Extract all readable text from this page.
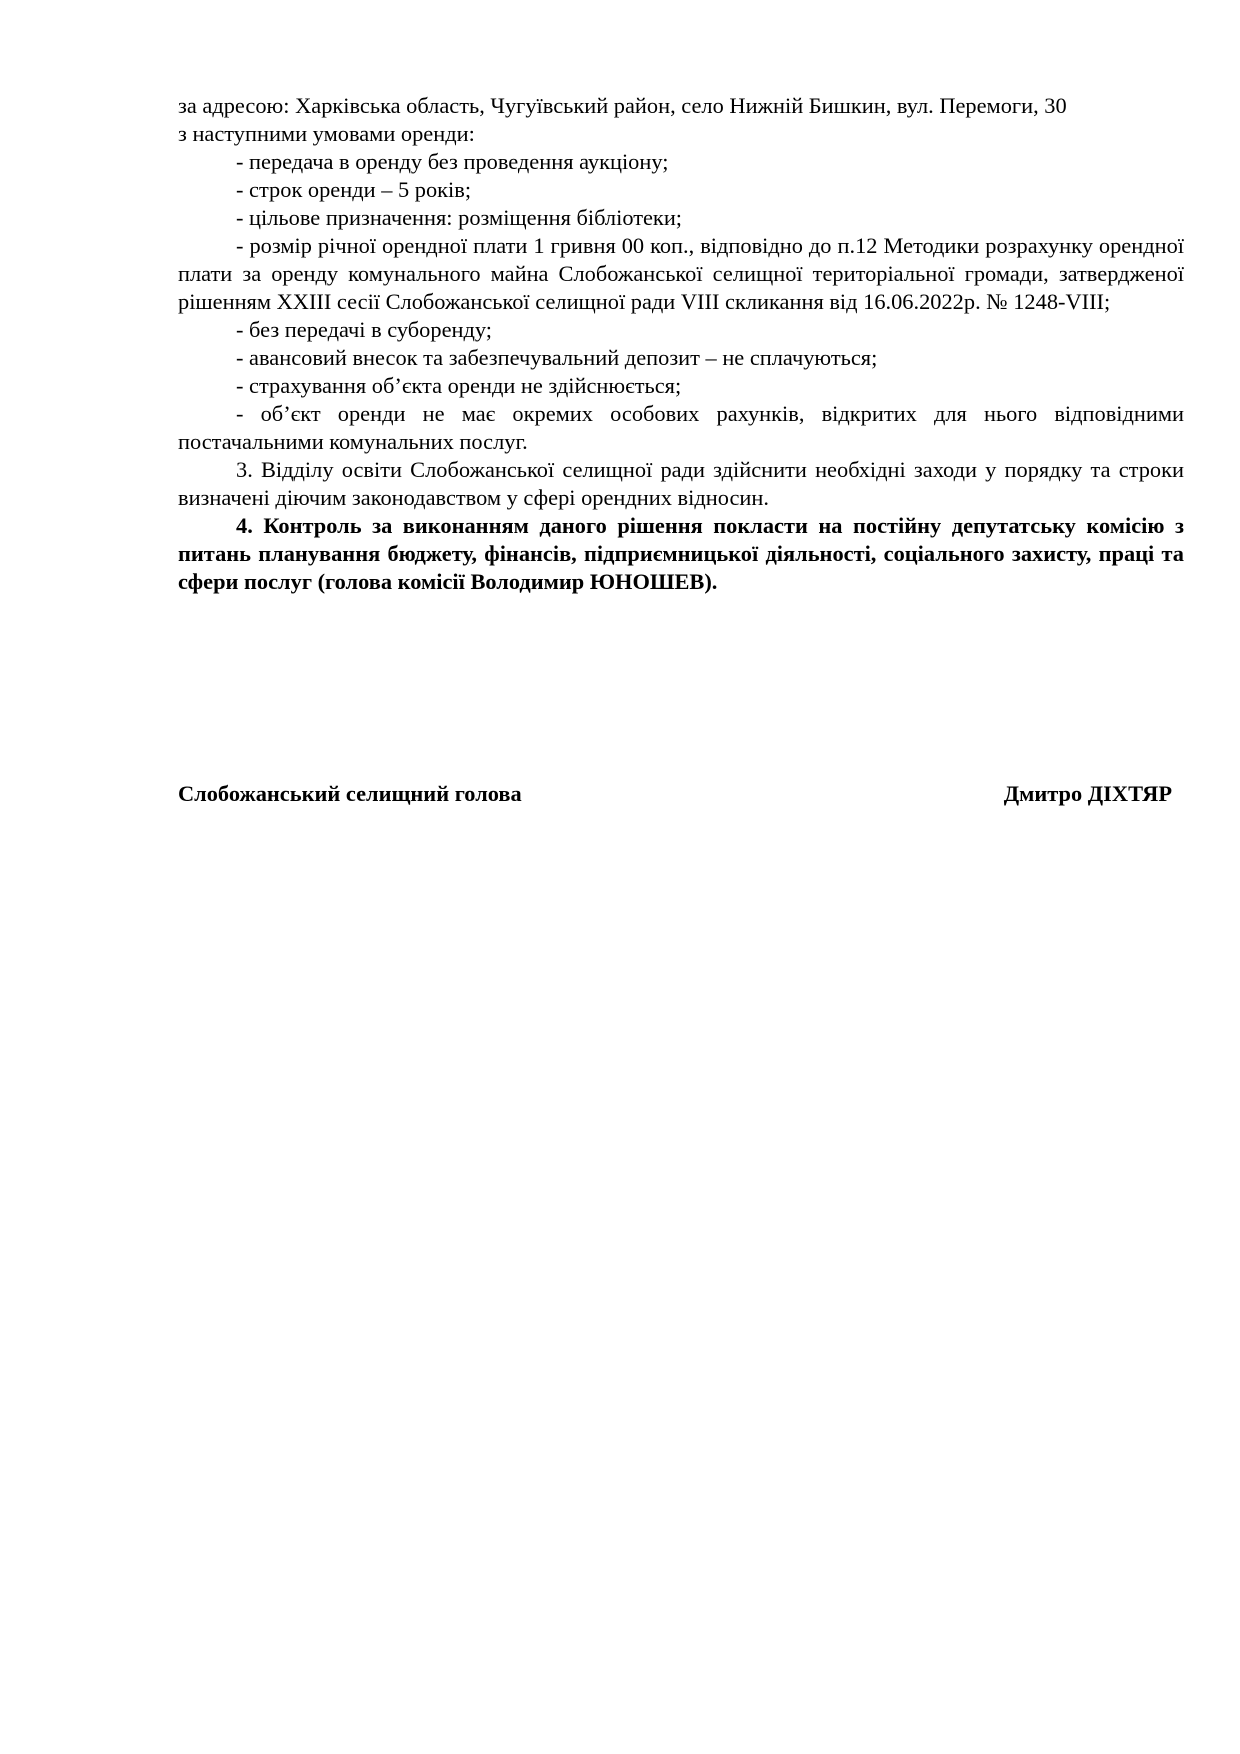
за адресою: Харківська область, Чугуївський район, село Нижній Бишкин, вул. Перемоги, 30

з наступними умовами оренди:

- передача в оренду без проведення аукціону;

- строк оренди – 5 років;

- цільове призначення: розміщення бібліотеки;

- розмір річної орендної плати 1 гривня 00 коп., відповідно до п.12 Методики розрахунку орендної плати за оренду комунального майна Слобожанської селищної територіальної громади, затвердженої рішенням XXIII сесії Слобожанської селищної ради VIII скликання від 16.06.2022р. № 1248-VIII;

- без передачі в суборенду;

- авансовий внесок та забезпечувальний депозит – не сплачуються;

- страхування об’єкта оренди не здійснюється;

- об’єкт оренди не має окремих особових рахунків, відкритих для нього відповідними постачальними комунальних послуг.

3. Відділу освіти Слобожанської селищної ради здійснити необхідні заходи у порядку та строки визначені діючим законодавством у сфері орендних відносин.

4. Контроль за виконанням даного рішення покласти на постійну депутатську комісію з питань планування бюджету, фінансів, підприємницької діяльності, соціального захисту, праці та сфери послуг (голова комісії Володимир ЮНОШЕВ).

Слобожанський селищний голова	Дмитро ДІХТЯР
